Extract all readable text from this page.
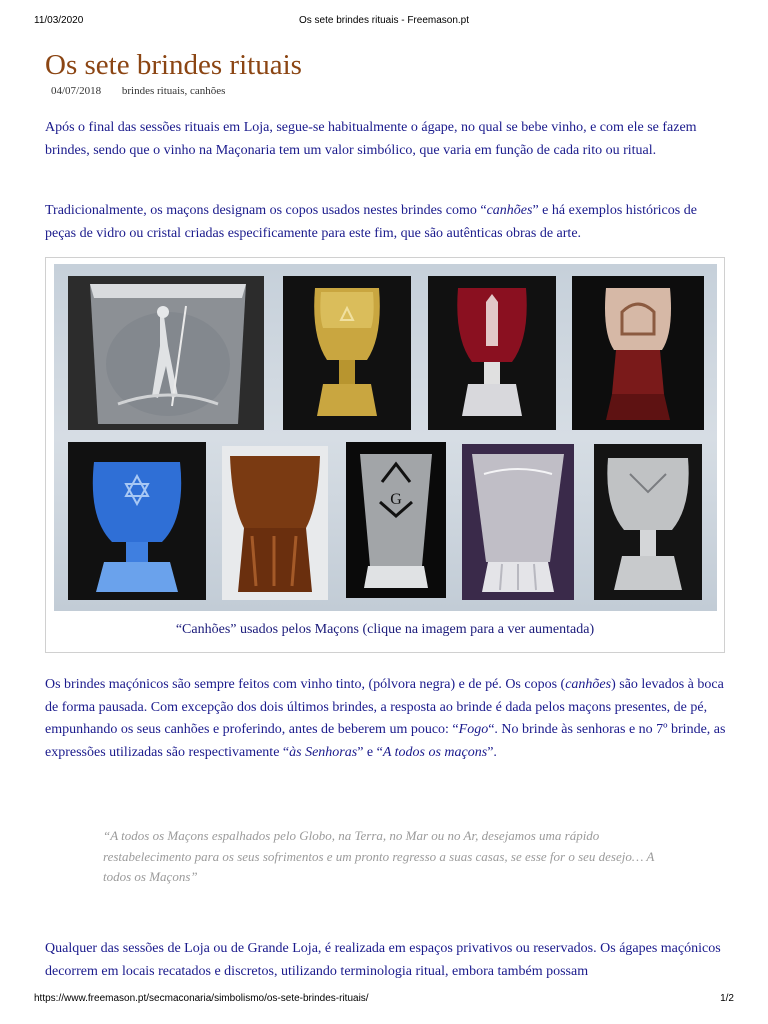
11/03/2020	Os sete brindes rituais - Freemason.pt
Os sete brindes rituais
04/07/2018 brindes rituais, canhões

Após o final das sessões rituais em Loja, segue-se habitualmente o ágape, no qual se bebe vinho, e com ele se fazem brindes, sendo que o vinho na Maçonaria tem um valor simbólico, que varia em função de cada rito ou ritual.

Tradicionalmente, os maçons designam os copos usados nestes brindes como “canhões” e há exemplos históricos de peças de vidro ou cristal criadas especificamente para este fim, que são autênticas obras de arte.

G
“Canhões” usados pelos Maçons (clique na imagem para a ver aumentada)

Os brindes maçónicos são sempre feitos com vinho tinto, (pólvora negra) e de pé. Os copos (canhões) são levados à boca de forma pausada. Com excepção dos dois últimos brindes, a resposta ao brinde é dada pelos maçons presentes, de pé, empunhando os seus canhões e proferindo, antes de beberem um pouco: “Fogo“. No brinde às senhoras e no 7º brinde, as expressões utilizadas são respectivamente “às Senhoras” e “A todos os maçons”.

“A todos os Maçons espalhados pelo Globo, na Terra, no Mar ou no Ar, desejamos uma rápido restabelecimento para os seus sofrimentos e um pronto regresso a suas casas, se esse for o seu desejo… A todos os Maçons”

Qualquer das sessões de Loja ou de Grande Loja, é realizada em espaços privativos ou reservados. Os ágapes maçónicos decorrem em locais recatados e discretos, utilizando terminologia ritual, embora também possam

https://www.freemason.pt/secmaconaria/simbolismo/os-sete-brindes-rituais/	1/2
